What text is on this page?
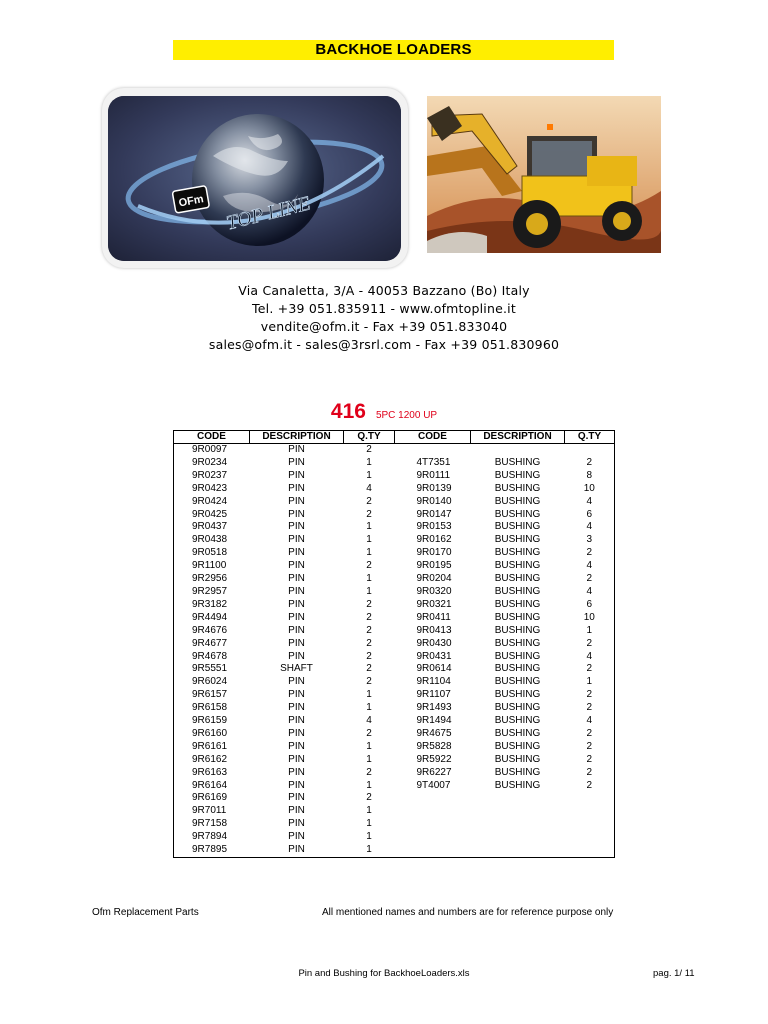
BACKHOE LOADERS
OFm TOP LINE
Via Canaletta, 3/A - 40053 Bazzano (Bo) Italy
Tel. +39 051.835911 - www.ofmtopline.it
vendite@ofm.it - Fax +39 051.833040
sales@ofm.it - sales@3rsrl.com - Fax +39 051.830960
416 5PC 1200 UP
CODE	DESCRIPTION	Q.TY	CODE	DESCRIPTION	Q.TY
9R0097	PIN	2			
9R0234	PIN	1	4T7351	BUSHING	2
9R0237	PIN	1	9R0111	BUSHING	8
9R0423	PIN	4	9R0139	BUSHING	10
9R0424	PIN	2	9R0140	BUSHING	4
9R0425	PIN	2	9R0147	BUSHING	6
9R0437	PIN	1	9R0153	BUSHING	4
9R0438	PIN	1	9R0162	BUSHING	3
9R0518	PIN	1	9R0170	BUSHING	2
9R1100	PIN	2	9R0195	BUSHING	4
9R2956	PIN	1	9R0204	BUSHING	2
9R2957	PIN	1	9R0320	BUSHING	4
9R3182	PIN	2	9R0321	BUSHING	6
9R4494	PIN	2	9R0411	BUSHING	10
9R4676	PIN	2	9R0413	BUSHING	1
9R4677	PIN	2	9R0430	BUSHING	2
9R4678	PIN	2	9R0431	BUSHING	4
9R5551	SHAFT	2	9R0614	BUSHING	2
9R6024	PIN	2	9R1104	BUSHING	1
9R6157	PIN	1	9R1107	BUSHING	2
9R6158	PIN	1	9R1493	BUSHING	2
9R6159	PIN	4	9R1494	BUSHING	4
9R6160	PIN	2	9R4675	BUSHING	2
9R6161	PIN	1	9R5828	BUSHING	2
9R6162	PIN	1	9R5922	BUSHING	2
9R6163	PIN	2	9R6227	BUSHING	2
9R6164	PIN	1	9T4007	BUSHING	2
9R6169	PIN	2			
9R7011	PIN	1			
9R7158	PIN	1			
9R7894	PIN	1			
9R7895	PIN	1			
Ofm Replacement Parts	All mentioned names and numbers are for reference purpose only
Pin and Bushing for BackhoeLoaders.xls	pag. 1/ 11
